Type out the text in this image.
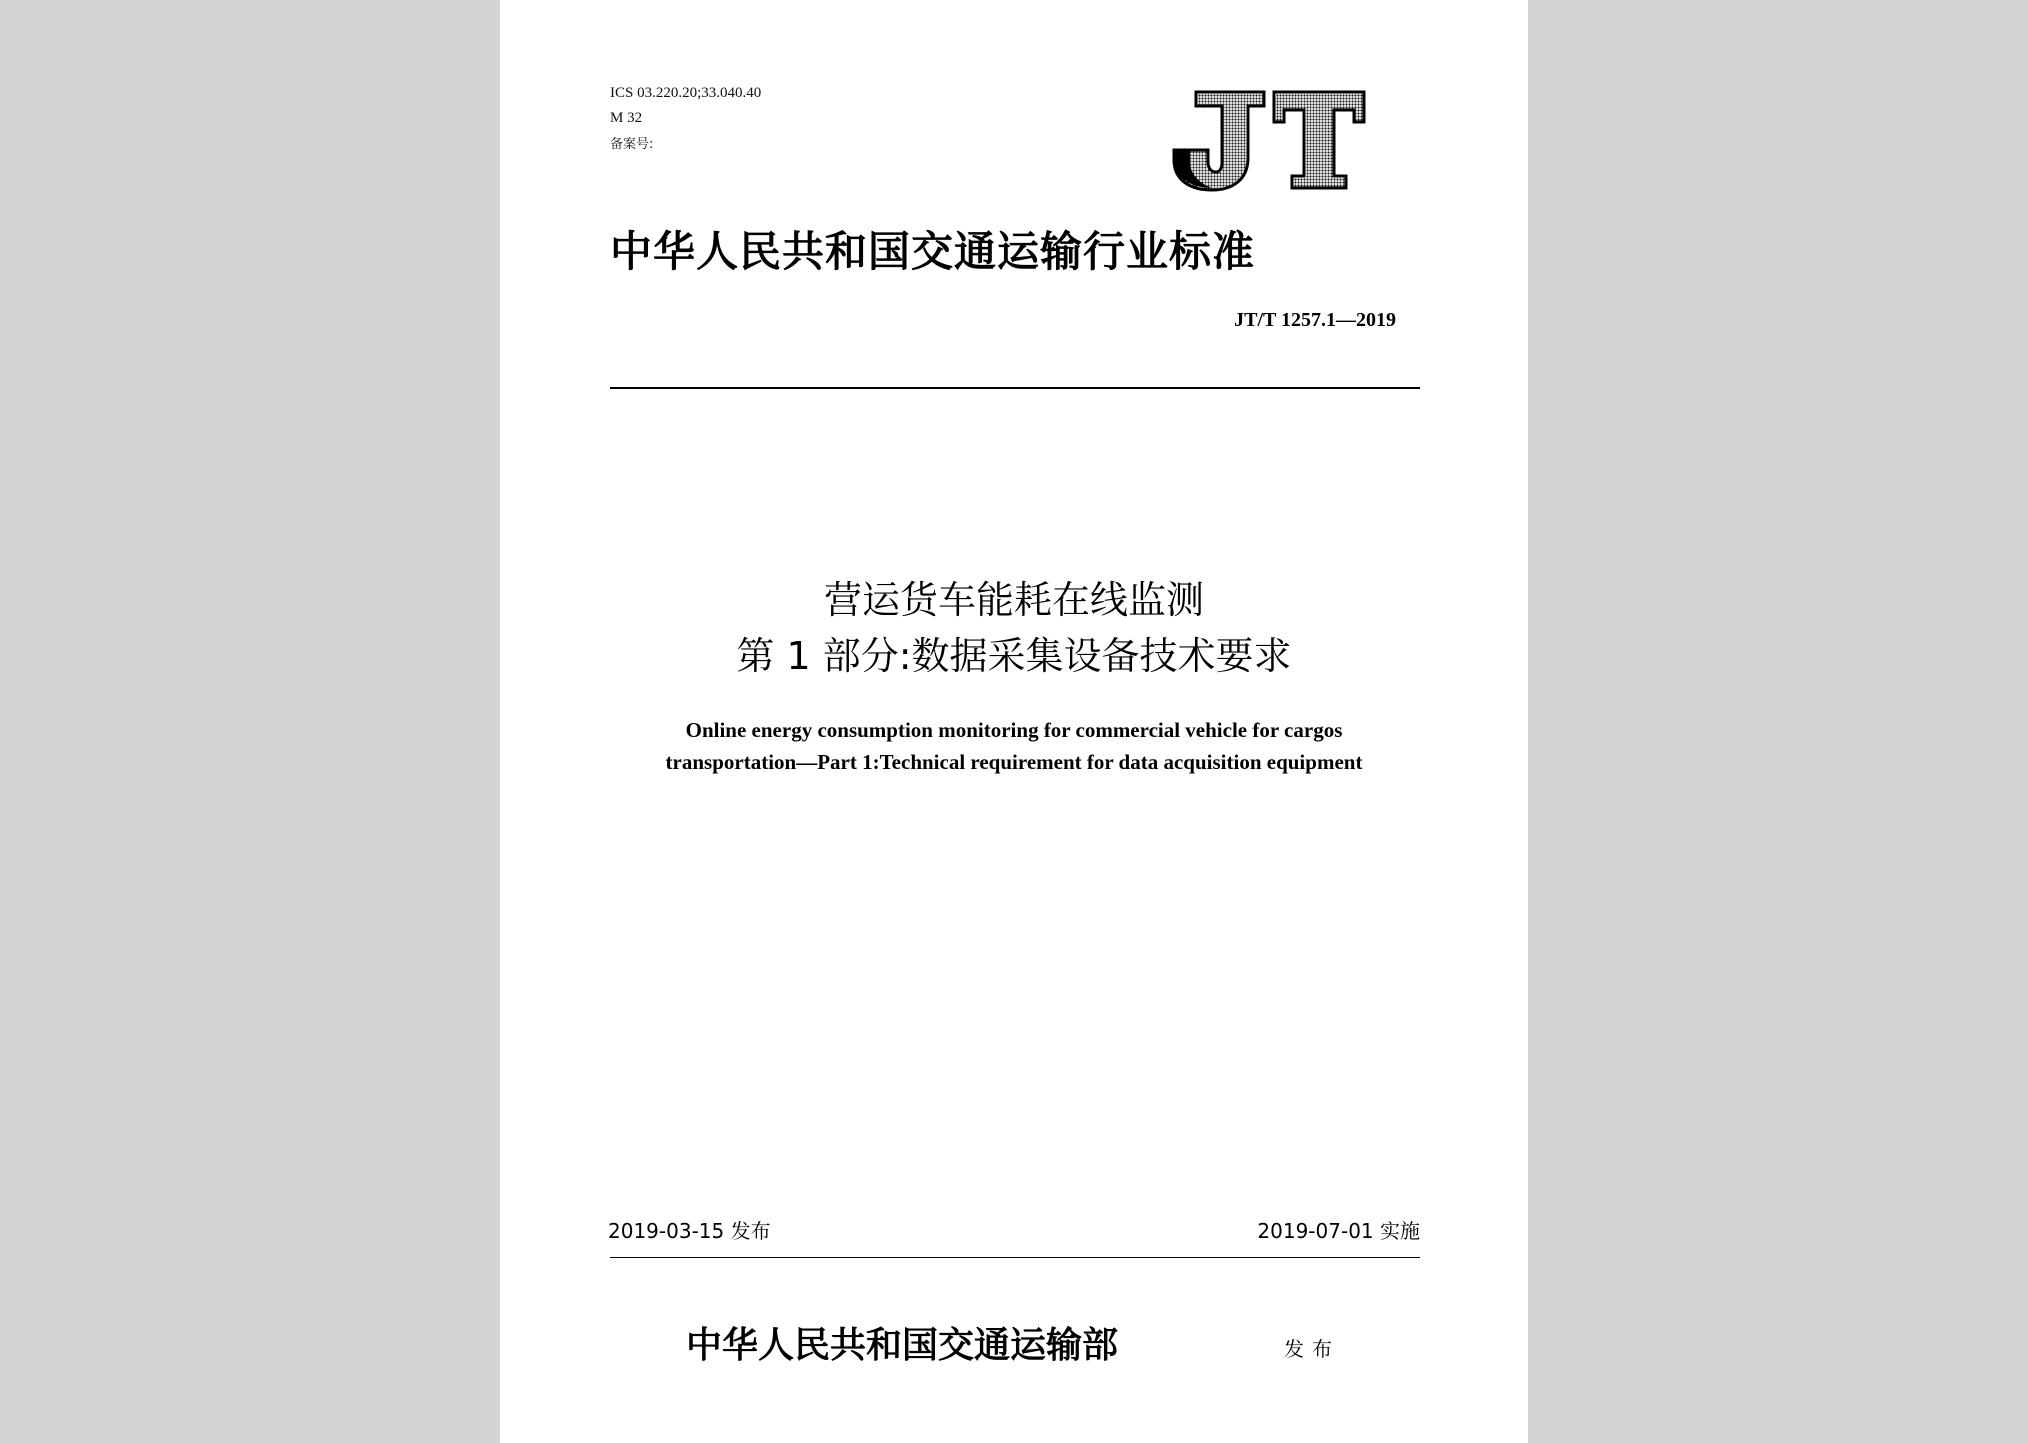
ICS 03.220.20;33.040.40
M 32
备案号:
中华人民共和国交通运输行业标准
JT/T 1257.1—2019
营运货车能耗在线监测
第 1 部分:数据采集设备技术要求
Online energy consumption monitoring for commercial vehicle for cargos
transportation—Part 1:Technical requirement for data acquisition equipment
2019-03-15 发布	2019-07-01 实施
中华人民共和国交通运输部	发布
